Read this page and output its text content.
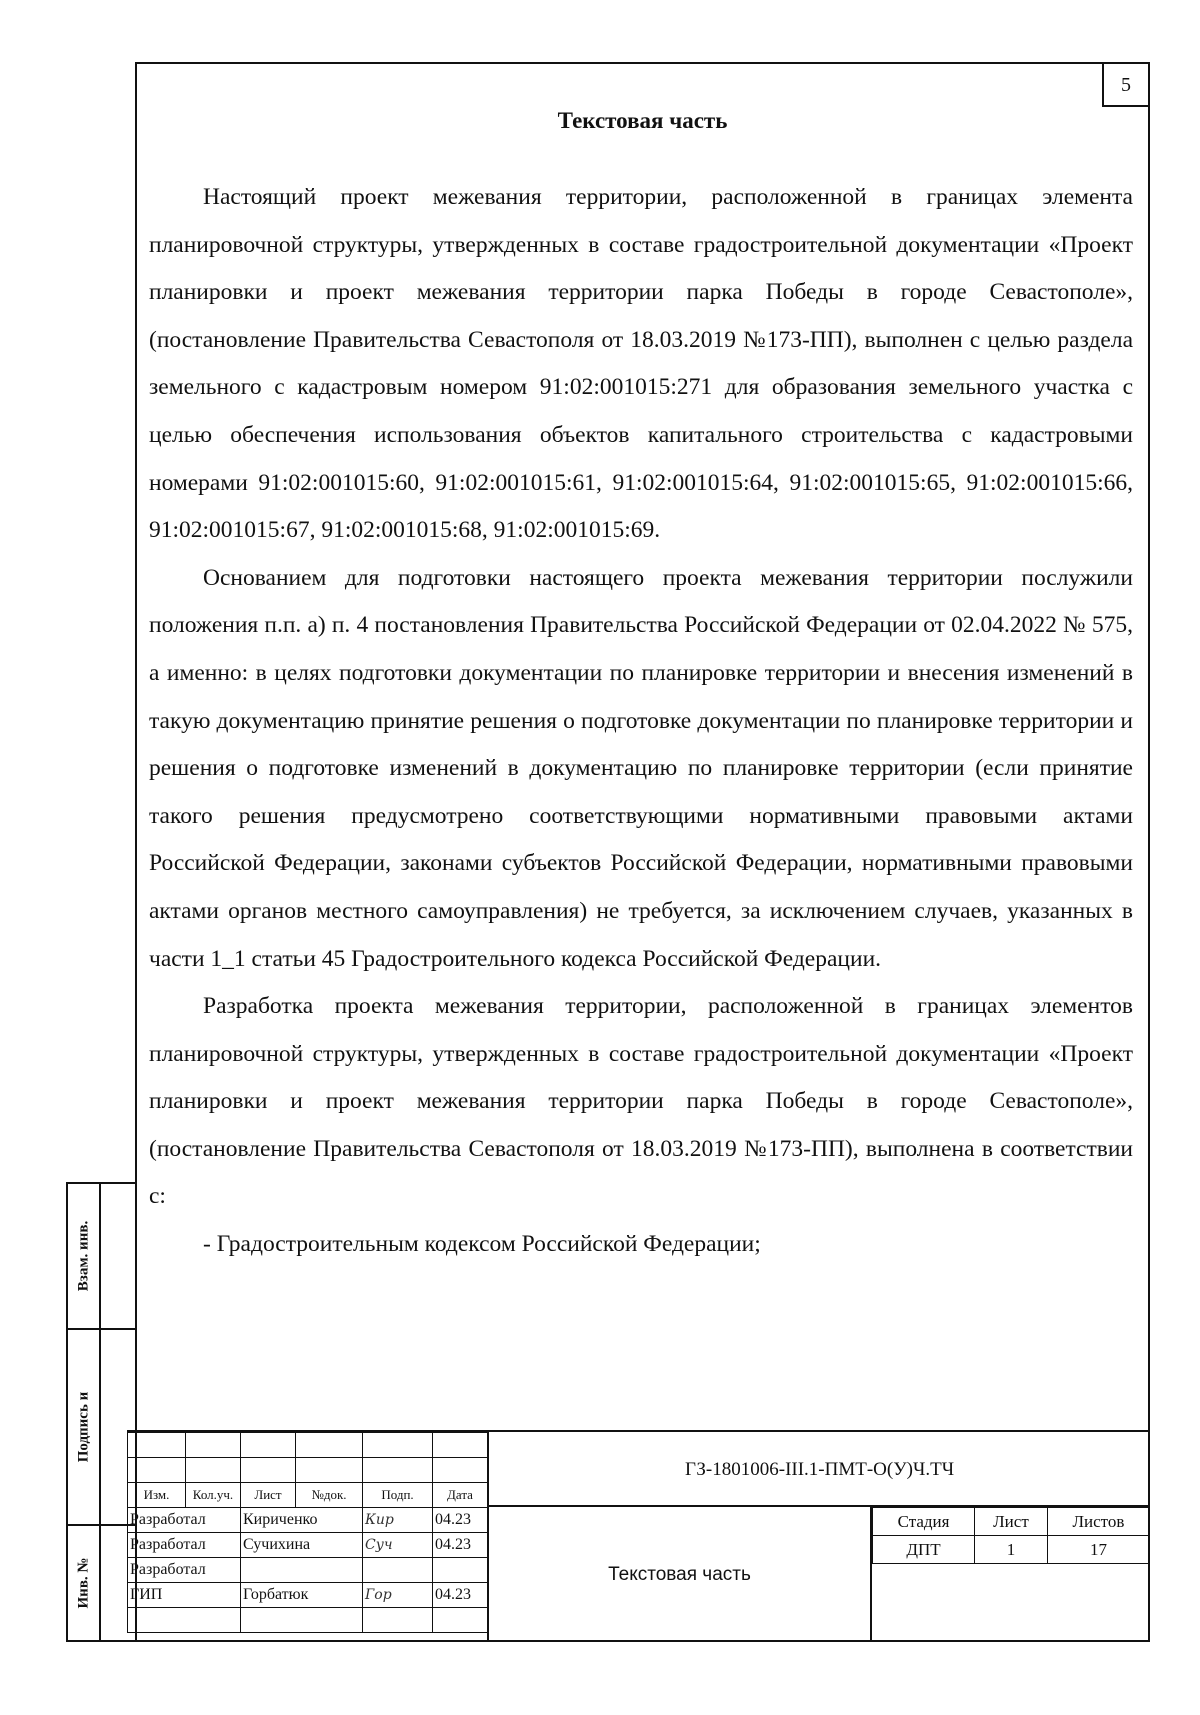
5
Текстовая часть

Настоящий проект межевания территории, расположенной в границах элемента планировочной структуры, утвержденных в составе градостроительной документации «Проект планировки и проект межевания территории парка Победы в городе Севастополе», (постановление Правительства Севастополя от 18.03.2019 №173-ПП), выполнен с целью раздела земельного с кадастровым номером 91:02:001015:271 для образования земельного участка с целью обеспечения использования объектов капитального строительства с кадастровыми номерами 91:02:001015:60, 91:02:001015:61, 91:02:001015:64, 91:02:001015:65, 91:02:001015:66, 91:02:001015:67, 91:02:001015:68, 91:02:001015:69.

Основанием для подготовки настоящего проекта межевания территории послужили положения п.п. а) п. 4 постановления Правительства Российской Федерации от 02.04.2022 № 575, а именно: в целях подготовки документации по планировке территории и внесения изменений в такую документацию принятие решения о подготовке документации по планировке территории и решения о подготовке изменений в документацию по планировке территории (если принятие такого решения предусмотрено соответствующими нормативными правовыми актами Российской Федерации, законами субъектов Российской Федерации, нормативными правовыми актами органов местного самоуправления) не требуется, за исключением случаев, указанных в части 1_1 статьи 45 Градостроительного кодекса Российской Федерации.

Разработка проекта межевания территории, расположенной в границах элементов планировочной структуры, утвержденных в составе градостроительной документации «Проект планировки и проект межевания территории парка Победы в городе Севастополе», (постановление Правительства Севастополя от 18.03.2019 №173-ПП), выполнена в соответствии с:

- Градостроительным кодексом Российской Федерации;

Взам. инв.
Подпись и
Инв. №

Изм.	Кол.уч.	Лист	№док.	Подп.	Дата
Разработал		Кириченко		Кир	04.23
Разработал		Сучихина		Суч	04.23
Разработал					
ГИП		Горбатюк		Гор	04.23

ГЗ-1801006-III.1-ПМТ-О(У)Ч.ТЧ
Текстовая часть
Стадия	Лист	Листов
ДПТ	1	17
